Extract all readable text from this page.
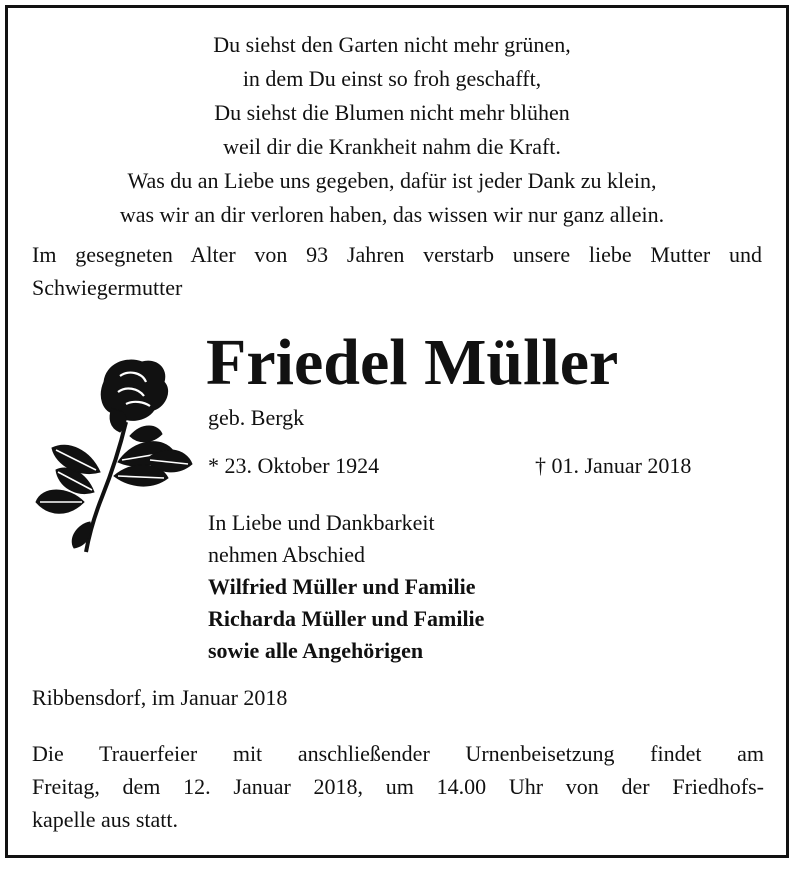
Du siehst den Garten nicht mehr grünen,
in dem Du einst so froh geschafft,
Du siehst die Blumen nicht mehr blühen
weil dir die Krankheit nahm die Kraft.
Was du an Liebe uns gegeben, dafür ist jeder Dank zu klein,
was wir an dir verloren haben, das wissen wir nur ganz allein.
Im gesegneten Alter von 93 Jahren verstarb unsere liebe Mutter und Schwiegermutter
Friedel Müller
geb. Bergk
* 23. Oktober 1924	† 01. Januar 2018
In Liebe und Dankbarkeit
nehmen Abschied
Wilfried Müller und Familie
Richarda Müller und Familie
sowie alle Angehörigen
Ribbensdorf, im Januar 2018
Die Trauerfeier mit anschließender Urnenbeisetzung findet am
Freitag, dem 12. Januar 2018, um 14.00 Uhr von der Friedhofs-
kapelle aus statt.
